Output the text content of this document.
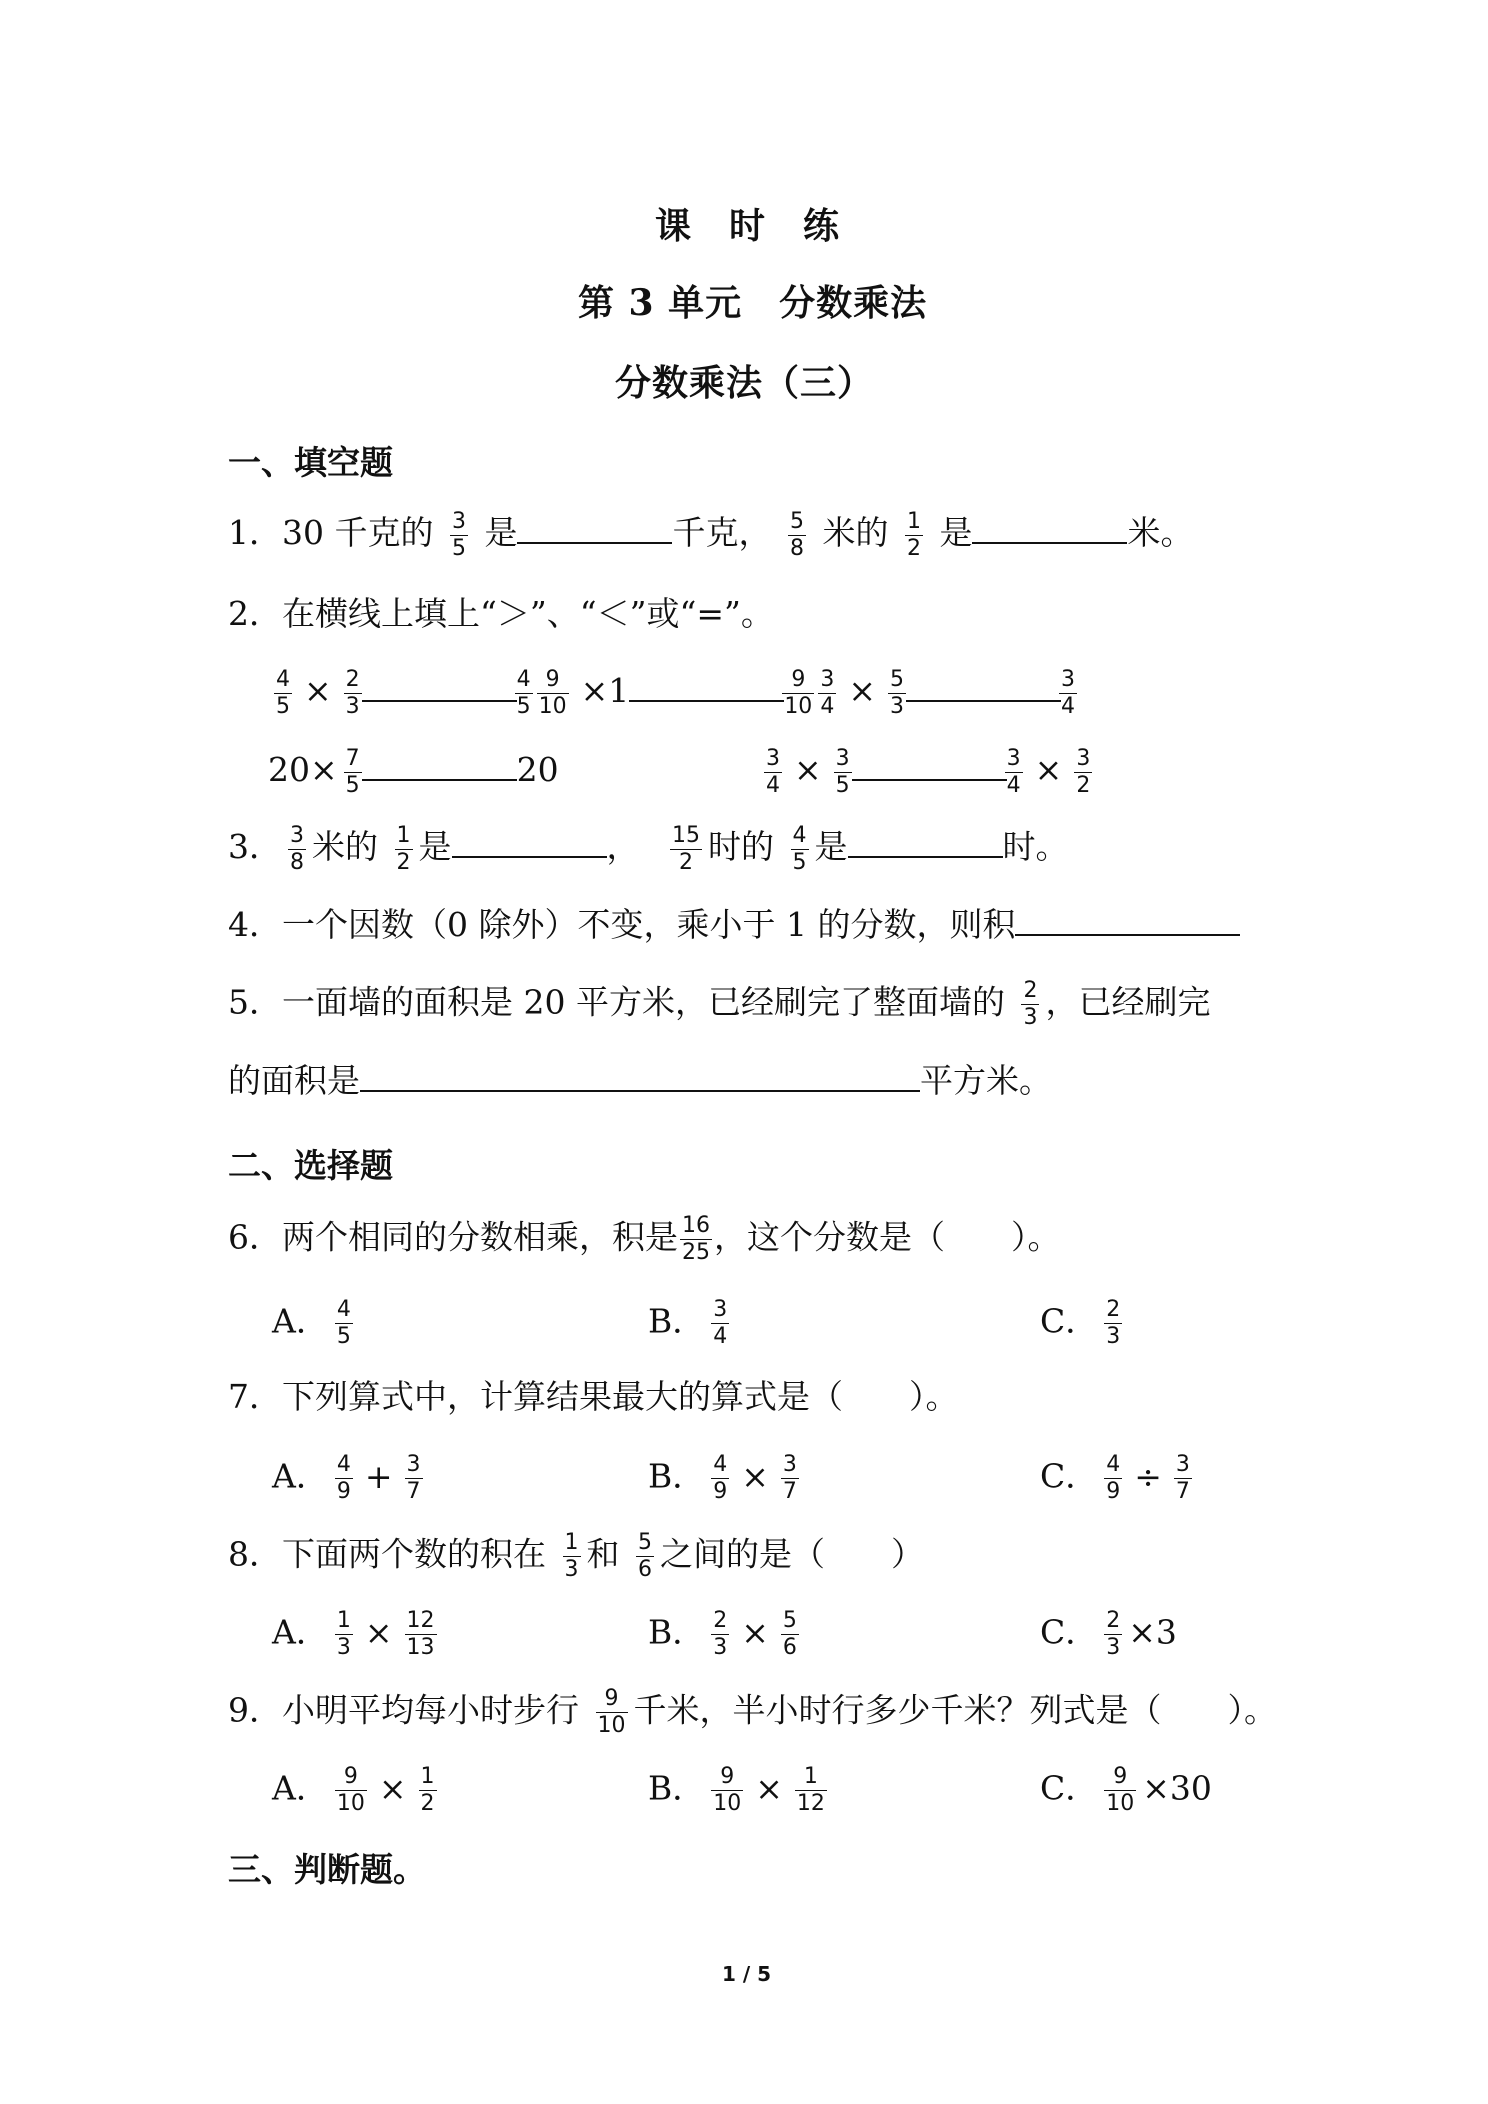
课　时　练
第 3 单元　分数乘法
分数乘法（三）
一、填空题
1．30 千克的 $\frac{3}{5}$ 是	千克， $\frac{5}{8}$ 米的 $\frac{1}{2}$ 是	米。
2．在横线上填上“＞”、“＜”或“=”。
$\frac{4}{5} \times \frac{2}{3}$	$\frac{4}{5} \frac{9}{10} \times 1$	$\frac{9}{10} \frac{3}{4} \times \frac{5}{3}$	$\frac{3}{4}$
$20\times \frac{7}{5}$	20	$\frac{3}{4} \times \frac{3}{5}$	$\frac{3}{4} \times \frac{3}{2}$
3． $\frac{3}{8}$ 米的 $\frac{1}{2}$ 是	， $\frac{15}{2}$ 时的 $\frac{4}{5}$ 是	时。
4．一个因数（0 除外）不变，乘小于 1 的分数，则积
5．一面墙的面积是 20 平方米，已经刷完了整面墙的 $\frac{2}{3}$ ，已经刷完
的面积是	平方米。
二、选择题
6．两个相同的分数相乘，积是 $\frac{16}{25}$ ，这个分数是（　　）。
A． $\frac{4}{5}$	B． $\frac{3}{4}$	C． $\frac{2}{3}$
7．下列算式中，计算结果最大的算式是（　　）。
A． $\frac{4}{9} + \frac{3}{7}$	B． $\frac{4}{9} \times \frac{3}{7}$	C． $\frac{4}{9} \div \frac{3}{7}$
8．下面两个数的积在 $\frac{1}{3}$ 和 $\frac{5}{6}$ 之间的是（　　）
A． $\frac{1}{3} \times \frac{12}{13}$	B． $\frac{2}{3} \times \frac{5}{6}$	C． $\frac{2}{3} \times 3$
9．小明平均每小时步行 $\frac{9}{10}$ 千米，半小时行多少千米？列式是（　　）。
A． $\frac{9}{10} \times \frac{1}{2}$	B． $\frac{9}{10} \times \frac{1}{12}$	C． $\frac{9}{10} \times 30$
三、判断题。
1 / 5
